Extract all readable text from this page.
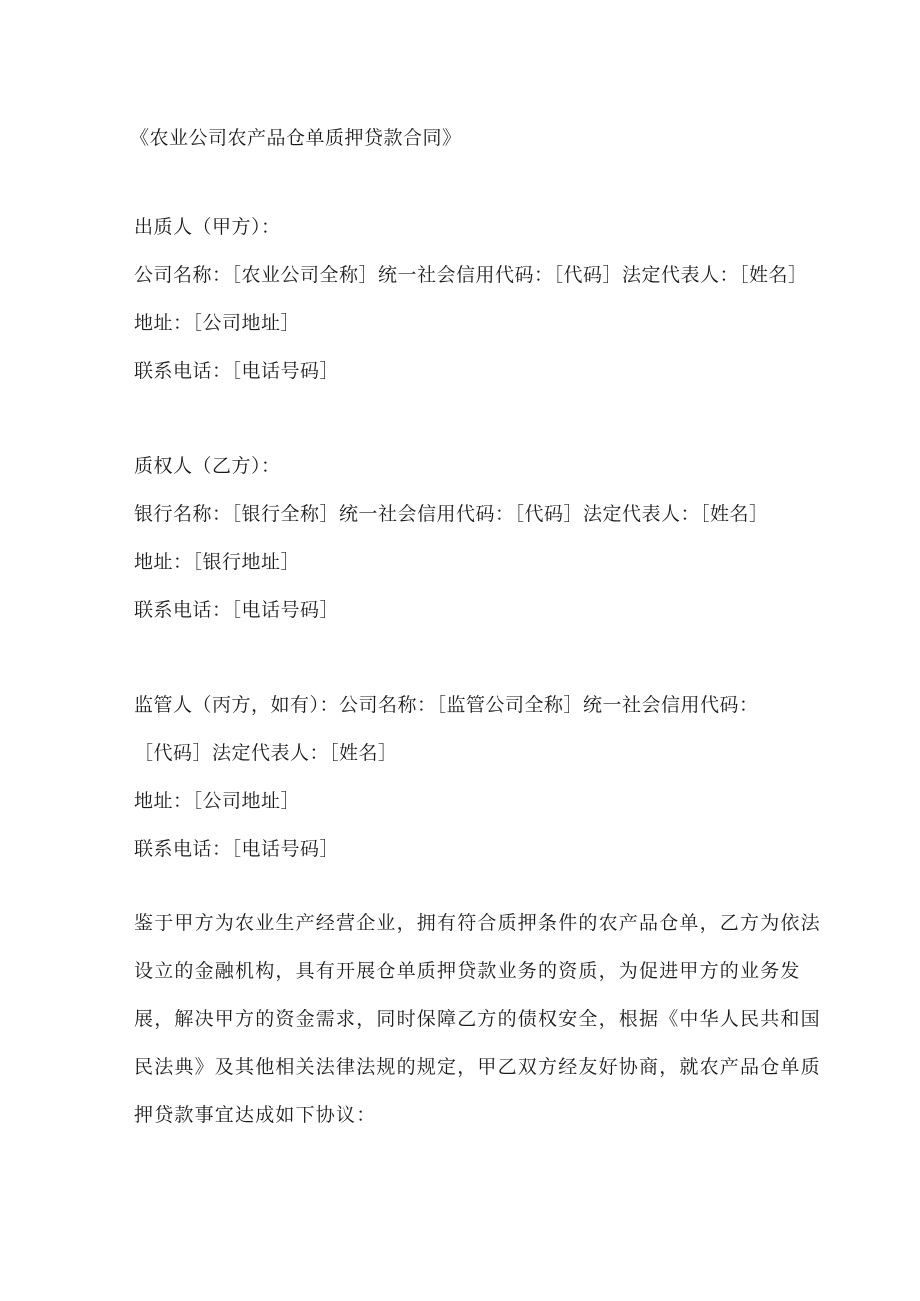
《农业公司农产品仓单质押贷款合同》
出质人（甲方）：
公司名称：［农业公司全称］统一社会信用代码：［代码］法定代表人：［姓名］
地址：［公司地址］
联系电话：［电话号码］
质权人（乙方）：
银行名称：［银行全称］统一社会信用代码：［代码］法定代表人：［姓名］
地址：［银行地址］
联系电话：［电话号码］
监管人（丙方，如有）：公司名称：［监管公司全称］统一社会信用代码：
［代码］法定代表人：［姓名］
地址：［公司地址］
联系电话：［电话号码］
鉴于甲方为农业生产经营企业，拥有符合质押条件的农产品仓单，乙方为依法
设立的金融机构，具有开展仓单质押贷款业务的资质，为促进甲方的业务发
展，解决甲方的资金需求，同时保障乙方的债权安全，根据《中华人民共和国
民法典》及其他相关法律法规的规定，甲乙双方经友好协商，就农产品仓单质
押贷款事宜达成如下协议：
